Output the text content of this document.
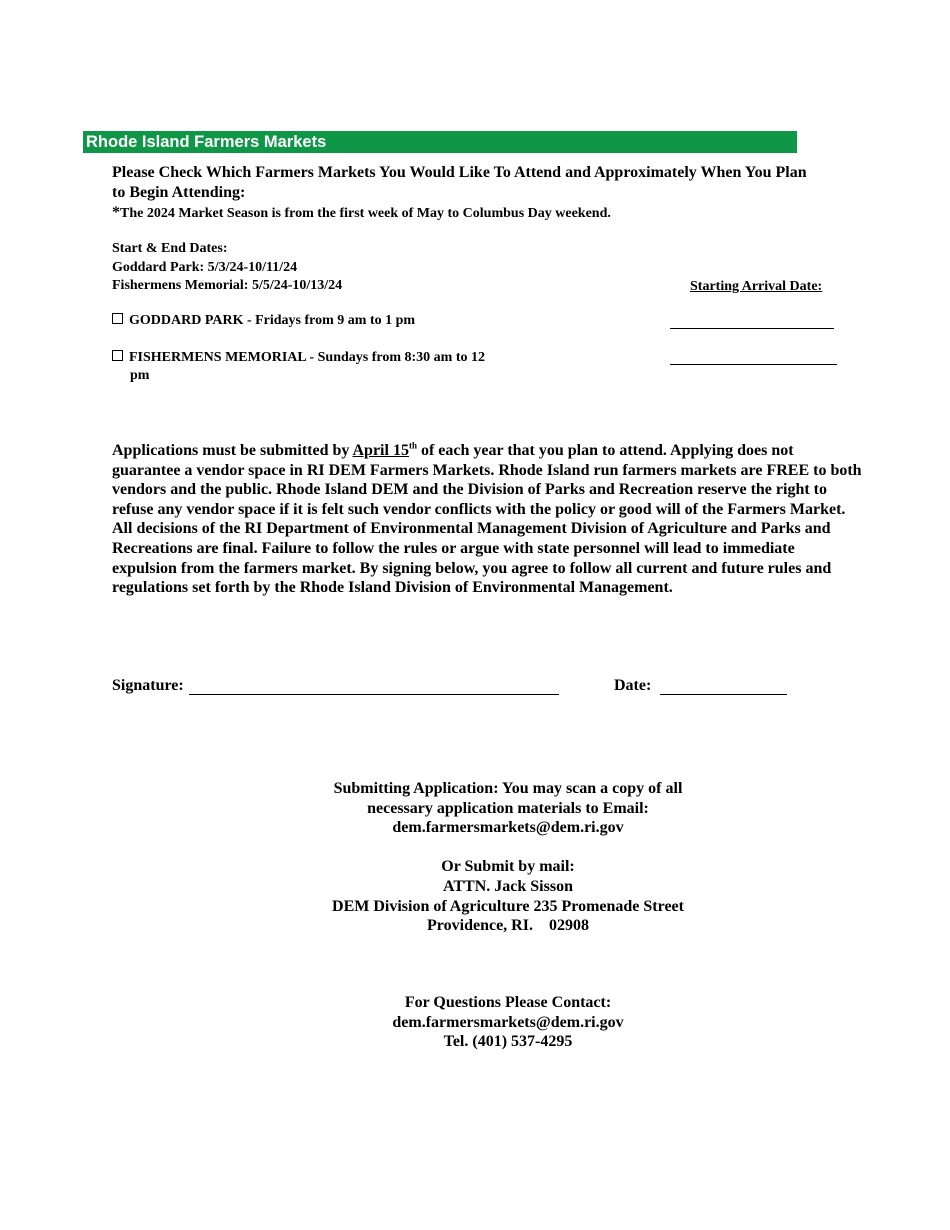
Rhode Island Farmers Markets
Please Check Which Farmers Markets You Would Like To Attend and Approximately When You Plan to Begin Attending:
*The 2024 Market Season is from the first week of May to Columbus Day weekend.
Start & End Dates:
Goddard Park: 5/3/24-10/11/24
Fishermens Memorial: 5/5/24-10/13/24	Starting Arrival Date:
GODDARD PARK - Fridays from 9 am to 1 pm
FISHERMENS MEMORIAL - Sundays from 8:30 am to 12
pm
Applications must be submitted by April 15th of each year that you plan to attend. Applying does not guarantee a vendor space in RI DEM Farmers Markets. Rhode Island run farmers markets are FREE to both vendors and the public. Rhode Island DEM and the Division of Parks and Recreation reserve the right to refuse any vendor space if it is felt such vendor conflicts with the policy or good will of the Farmers Market. All decisions of the RI Department of Environmental Management Division of Agriculture and Parks and Recreations are final. Failure to follow the rules or argue with state personnel will lead to immediate expulsion from the farmers market. By signing below, you agree to follow all current and future rules and regulations set forth by the Rhode Island Division of Environmental Management.
Signature:	Date:
Submitting Application: You may scan a copy of all
necessary application materials to Email:
dem.farmersmarkets@dem.ri.gov
Or Submit by mail:
ATTN. Jack Sisson
DEM Division of Agriculture 235 Promenade Street
Providence, RI.    02908
For Questions Please Contact:
dem.farmersmarkets@dem.ri.gov
Tel. (401) 537-4295
